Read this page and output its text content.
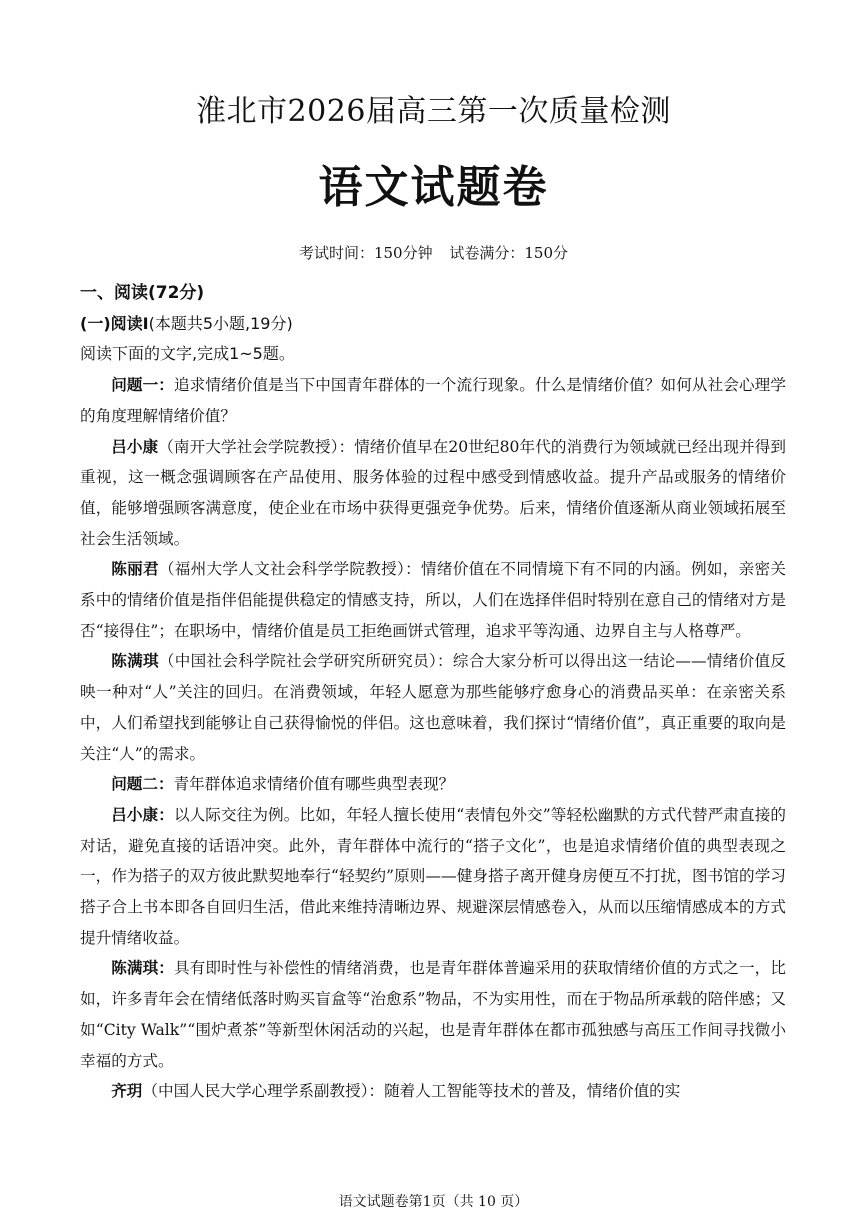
淮北市2026届高三第一次质量检测
语文试题卷
考试时间：150分钟 试卷满分：150分

一、阅读(72分)

(一)阅读Ⅰ(本题共5小题,19分)

阅读下面的文字,完成1~5题。

问题一：追求情绪价值是当下中国青年群体的一个流行现象。什么是情绪价值？如何从社会心理学的角度理解情绪价值？

吕小康（南开大学社会学院教授）：情绪价值早在20世纪80年代的消费行为领域就已经出现并得到重视，这一概念强调顾客在产品使用、服务体验的过程中感受到情感收益。提升产品或服务的情绪价值，能够增强顾客满意度，使企业在市场中获得更强竞争优势。后来，情绪价值逐渐从商业领域拓展至社会生活领域。

陈丽君（福州大学人文社会科学学院教授）：情绪价值在不同情境下有不同的内涵。例如，亲密关系中的情绪价值是指伴侣能提供稳定的情感支持，所以，人们在选择伴侣时特别在意自己的情绪对方是否“接得住”；在职场中，情绪价值是员工拒绝画饼式管理，追求平等沟通、边界自主与人格尊严。

陈满琪（中国社会科学院社会学研究所研究员）：综合大家分析可以得出这一结论——情绪价值反映一种对“人”关注的回归。在消费领域，年轻人愿意为那些能够疗愈身心的消费品买单：在亲密关系中，人们希望找到能够让自己获得愉悦的伴侣。这也意味着，我们探讨“情绪价值”，真正重要的取向是关注“人”的需求。

问题二：青年群体追求情绪价值有哪些典型表现？

吕小康：以人际交往为例。比如，年轻人擅长使用“表情包外交”等轻松幽默的方式代替严肃直接的对话，避免直接的话语冲突。此外，青年群体中流行的“搭子文化”，也是追求情绪价值的典型表现之一，作为搭子的双方彼此默契地奉行“轻契约”原则——健身搭子离开健身房便互不打扰，图书馆的学习搭子合上书本即各自回归生活，借此来维持清晰边界、规避深层情感卷入，从而以压缩情感成本的方式提升情绪收益。

陈满琪：具有即时性与补偿性的情绪消费，也是青年群体普遍采用的获取情绪价值的方式之一，比如，许多青年会在情绪低落时购买盲盒等“治愈系”物品，不为实用性，而在于物品所承载的陪伴感；又如“City Walk”“围炉煮茶”等新型休闲活动的兴起，也是青年群体在都市孤独感与高压工作间寻找微小幸福的方式。

齐玥（中国人民大学心理学系副教授）：随着人工智能等技术的普及，情绪价值的实

语文试题卷第1页（共 10 页）
